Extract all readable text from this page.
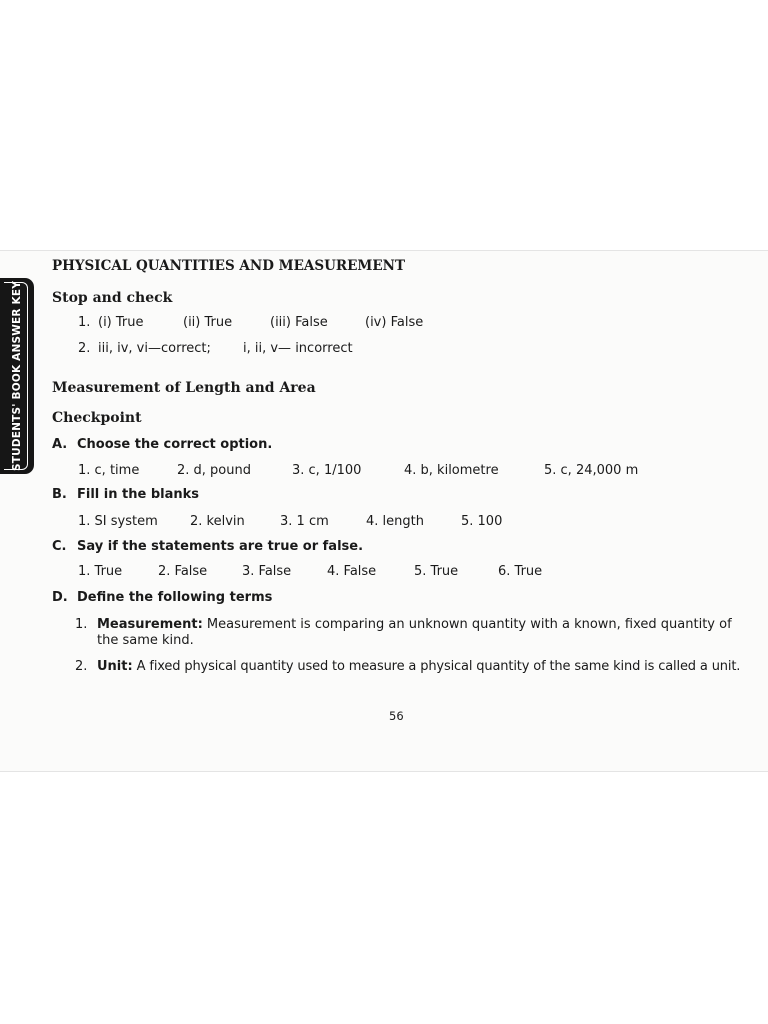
STUDENTS' BOOK ANSWER KEY
PHYSICAL QUANTITIES AND MEASUREMENT
Stop and check
1. (i) True	(ii) True	(iii) False	(iv) False
2. iii, iv, vi—correct;	i, ii, v— incorrect
Measurement of Length and Area
Checkpoint
A. Choose the correct option.
1. c, time	2. d, pound	3. c, 1/100	4. b, kilometre	5. c, 24,000 m
B. Fill in the blanks
1. SI system	2. kelvin	3. 1 cm	4. length	5. 100
C. Say if the statements are true or false.
1. True	2. False	3. False	4. False	5. True	6. True
D. Define the following terms
1. Measurement: Measurement is comparing an unknown quantity with a known, fixed quantity of
the same kind.
2. Unit: A fixed physical quantity used to measure a physical quantity of the same kind is called a unit.
56
